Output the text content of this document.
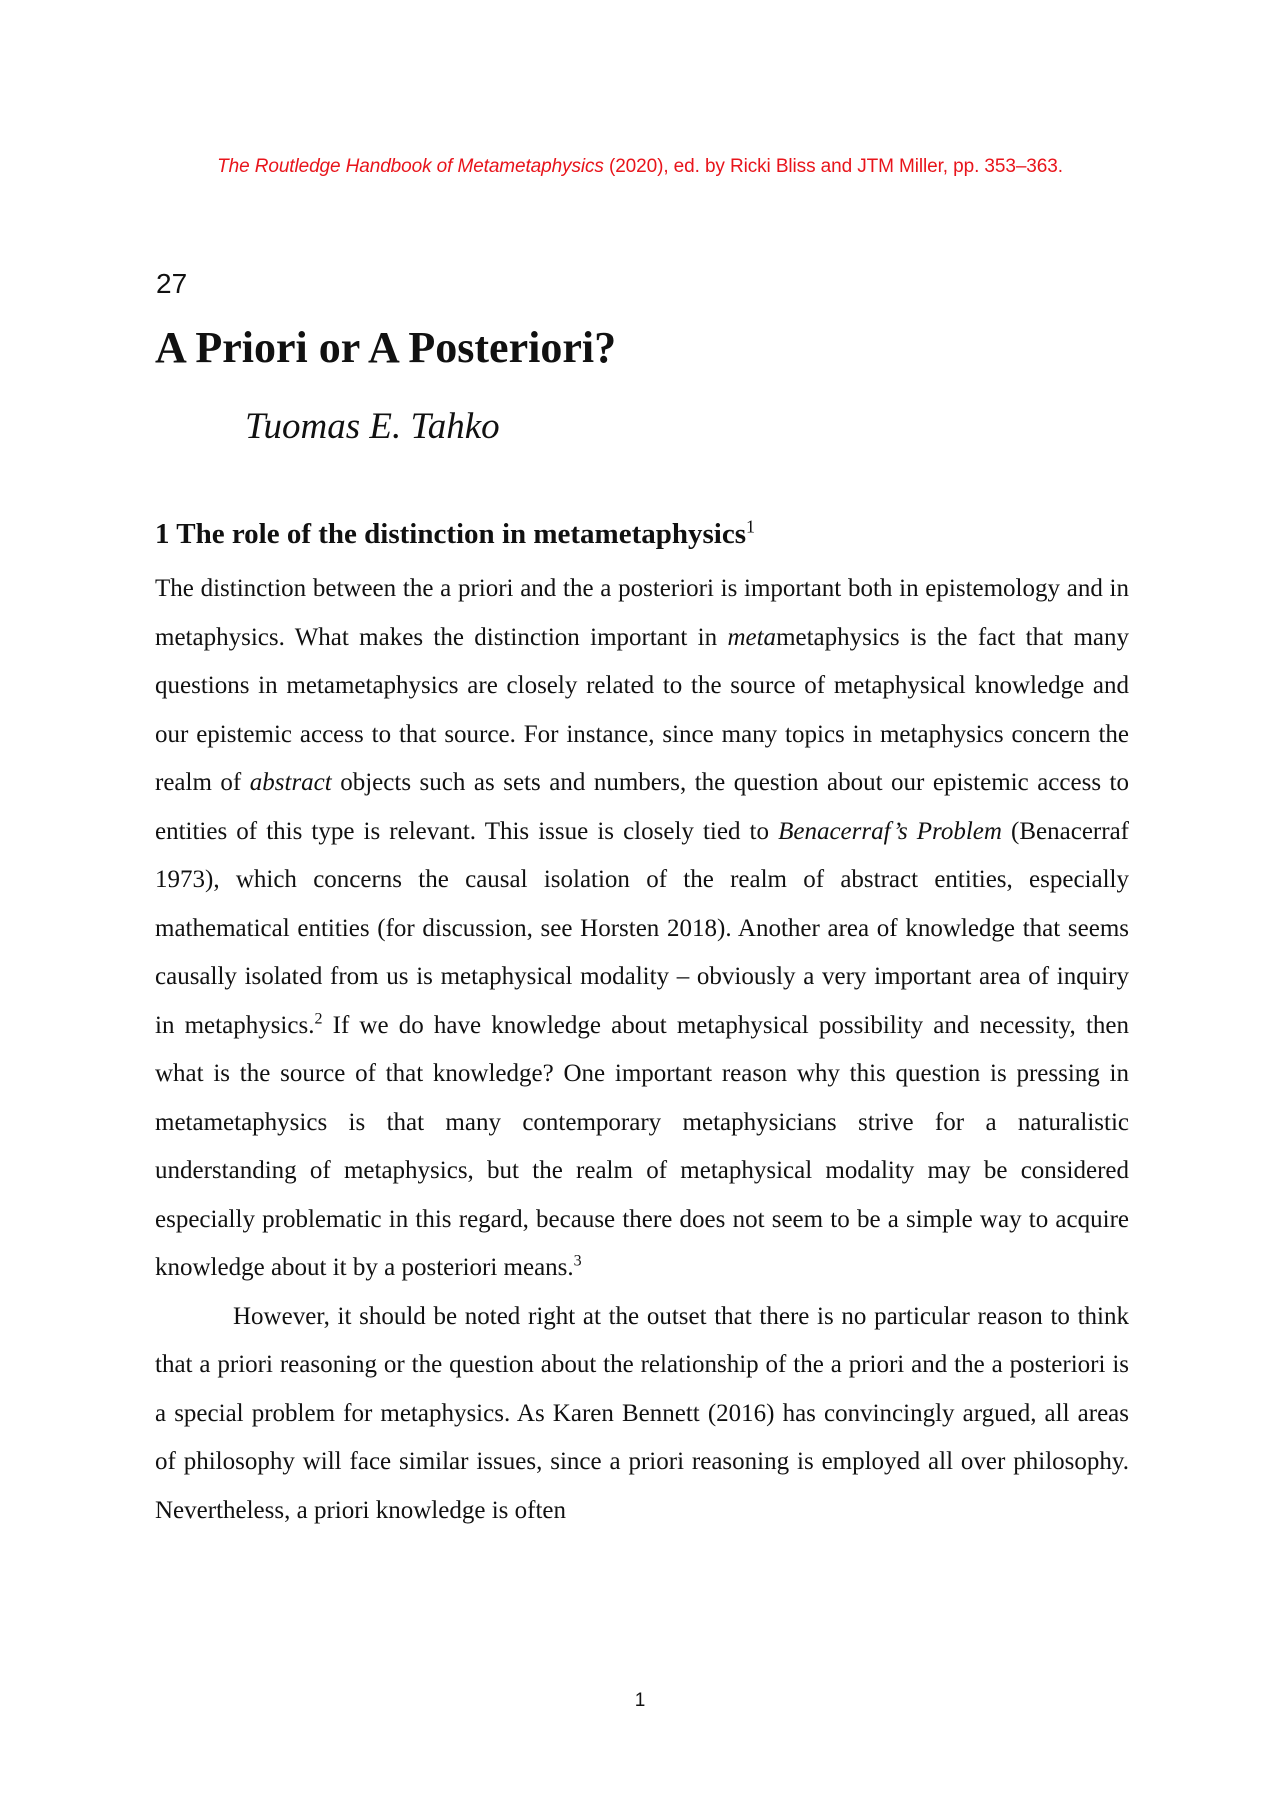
The Routledge Handbook of Metametaphysics (2020), ed. by Ricki Bliss and JTM Miller, pp. 353–363.
27
A Priori or A Posteriori?
Tuomas E. Tahko
1 The role of the distinction in metametaphysics$^1$

The distinction between the a priori and the a posteriori is important both in epistemology and in metaphysics. What makes the distinction important in metametaphysics is the fact that many questions in metametaphysics are closely related to the source of metaphysical knowledge and our epistemic access to that source. For instance, since many topics in metaphysics concern the realm of abstract objects such as sets and numbers, the question about our epistemic access to entities of this type is relevant. This issue is closely tied to Benacerraf’s Problem (Benacerraf 1973), which concerns the causal isolation of the realm of abstract entities, especially mathematical entities (for discussion, see Horsten 2018). Another area of knowledge that seems causally isolated from us is metaphysical modality – obviously a very important area of inquiry in metaphysics.$^2$ If we do have knowledge about metaphysical possibility and necessity, then what is the source of that knowledge? One important reason why this question is pressing in metametaphysics is that many contemporary metaphysicians strive for a naturalistic understanding of metaphysics, but the realm of metaphysical modality may be considered especially problematic in this regard, because there does not seem to be a simple way to acquire knowledge about it by a posteriori means.$^3$

However, it should be noted right at the outset that there is no particular reason to think that a priori reasoning or the question about the relationship of the a priori and the a posteriori is a special problem for metaphysics. As Karen Bennett (2016) has convincingly argued, all areas of philosophy will face similar issues, since a priori reasoning is employed all over philosophy. Nevertheless, a priori knowledge is often

1
